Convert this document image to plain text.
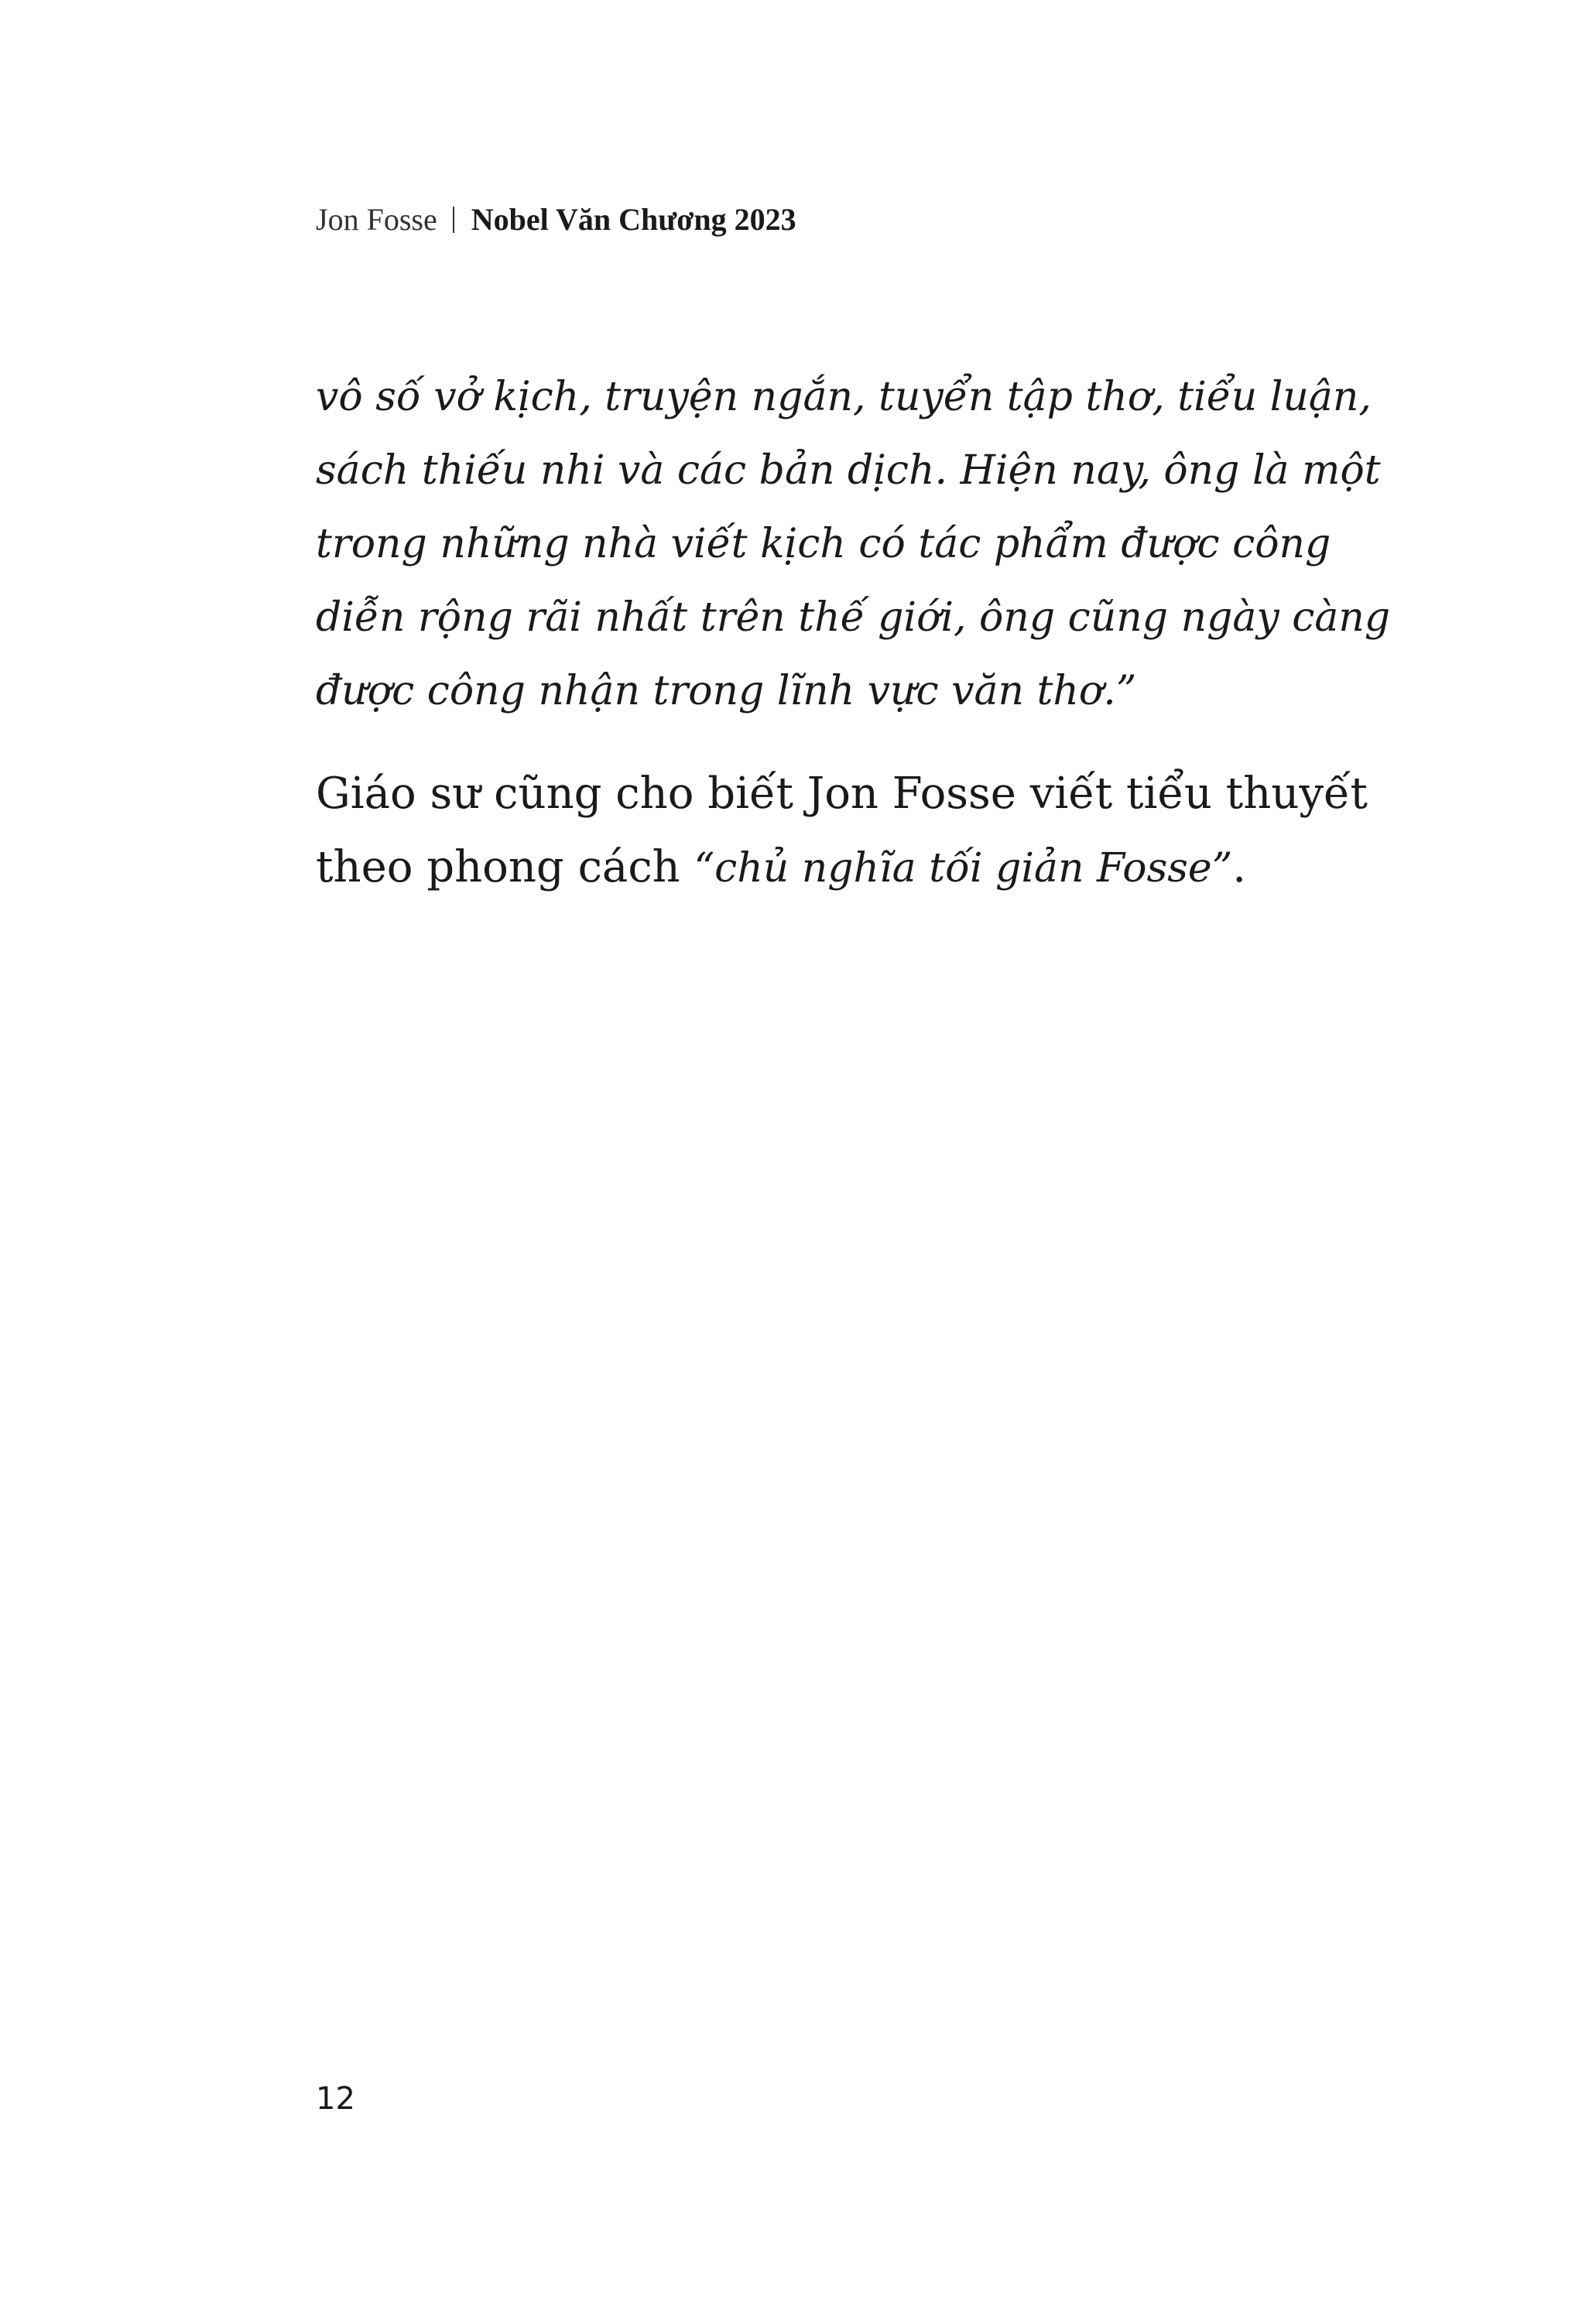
Jon Fosse Nobel Văn Chương 2023
vô số vở kịch, truyện ngắn, tuyển tập thơ, tiểu luận,
sách thiếu nhi và các bản dịch. Hiện nay, ông là một
trong những nhà viết kịch có tác phẩm được công
diễn rộng rãi nhất trên thế giới, ông cũng ngày càng
được công nhận trong lĩnh vực văn thơ.”
Giáo sư cũng cho biết Jon Fosse viết tiểu thuyết
theo phong cách “chủ nghĩa tối giản Fosse”.
12
